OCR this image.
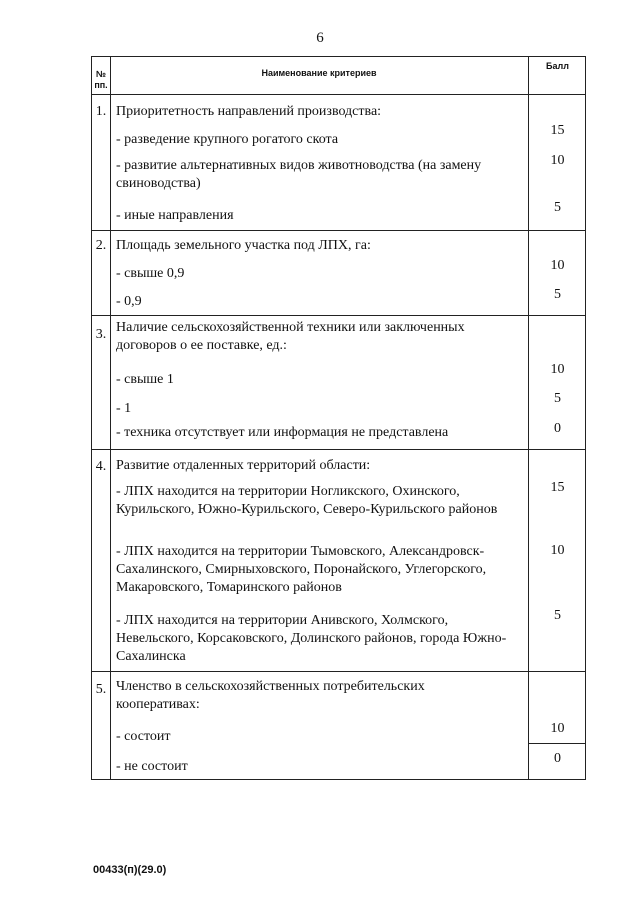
6
№ пп.
Наименование критериев
Балл
1. Приоритетность направлений производства:
- разведение крупного рогатого скота
15
- развитие альтернативных видов животноводства (на замену свиноводства)
10
- иные направления
5
2. Площадь земельного участка под ЛПХ, га:
- свыше 0,9
10
- 0,9	5
3. Наличие сельскохозяйственной техники или заключенных договоров о ее поставке, ед.:
- свыше 1
10
- 1
5
- техника отсутствует или информация не представлена	0
4. Развитие отдаленных территорий области:
- ЛПХ находится на территории Ногликского, Охинского, Курильского, Южно-Курильского, Северо-Курильского районов
15
- ЛПХ находится на территории Тымовского, Александровск-Сахалинского, Смирныховского, Поронайского, Углегорского, Макаровского, Томаринского районов
10
- ЛПХ находится на территории Анивского, Холмского, Невельского, Корсаковского, Долинского районов, города Южно-Сахалинска
5
5. Членство в сельскохозяйственных потребительских кооперативах:
- состоит
10
- не состоит
0
00433(п)(29.0)
